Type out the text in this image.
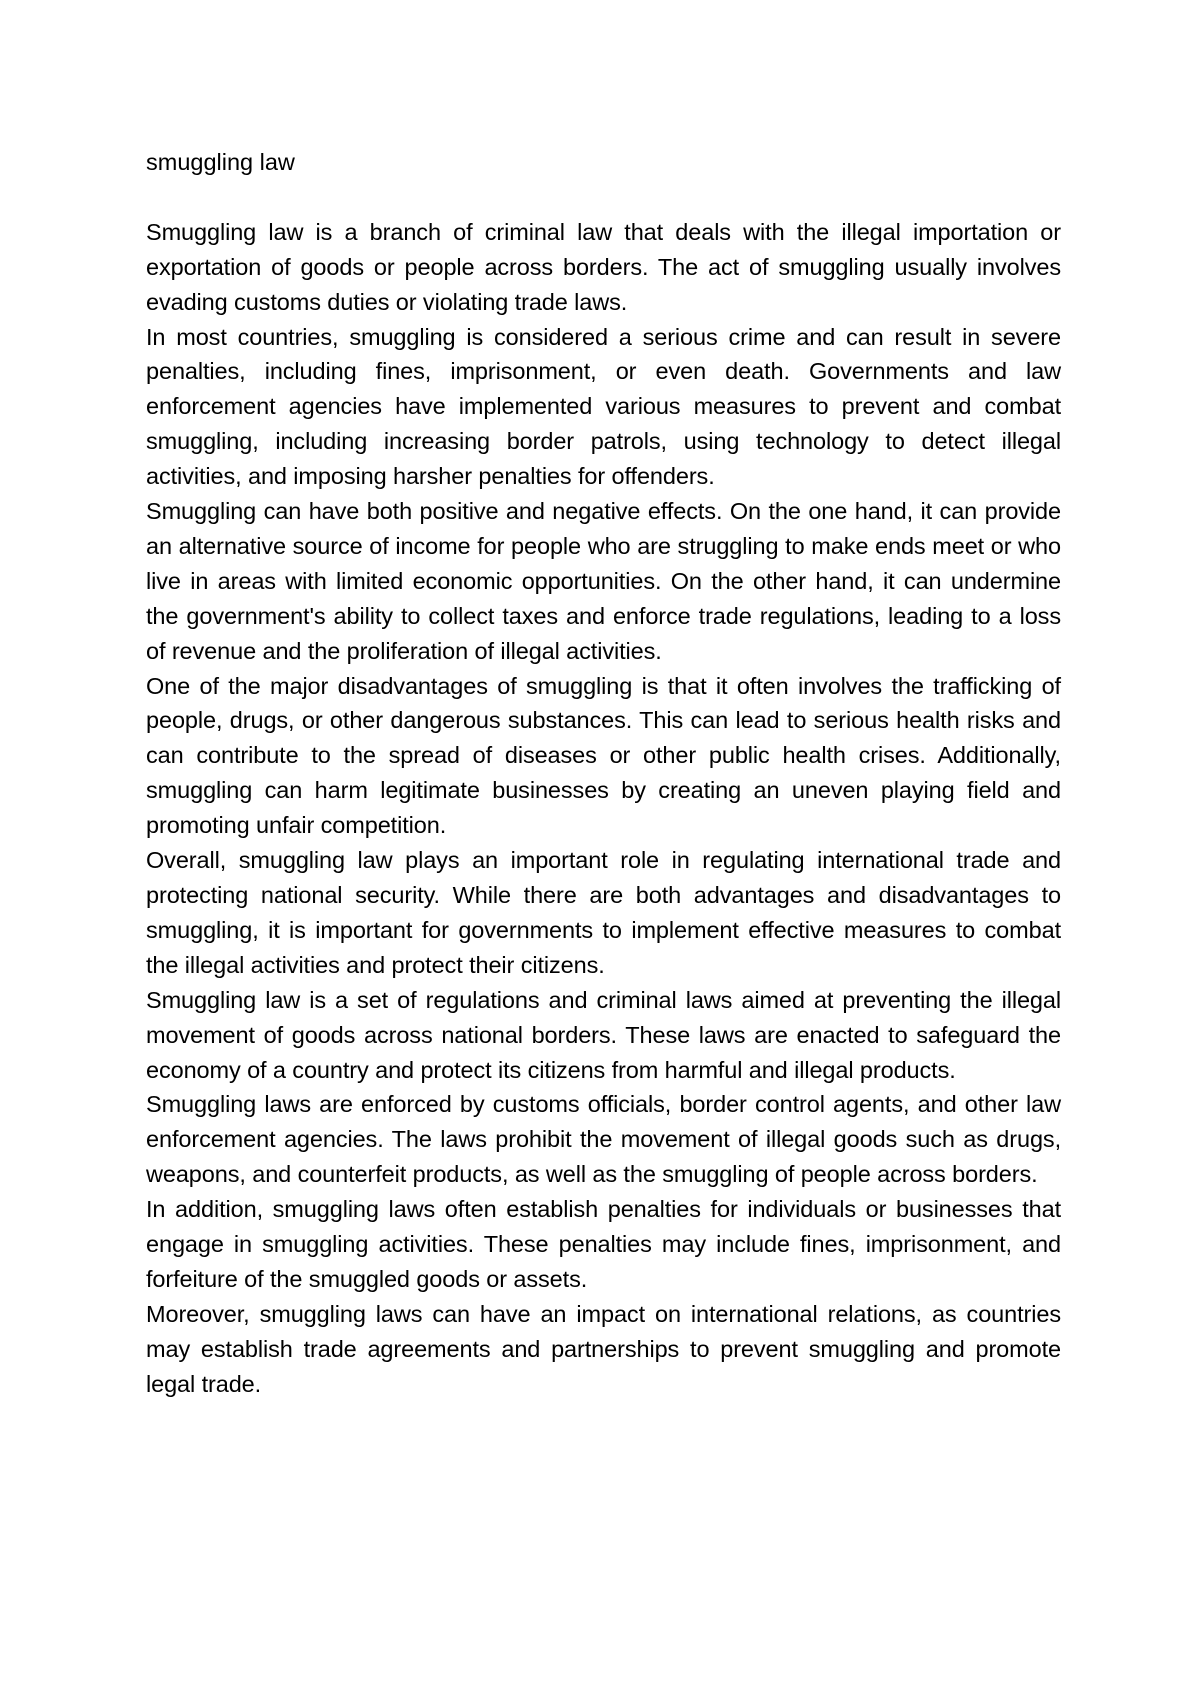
smuggling law

Smuggling law is a branch of criminal law that deals with the illegal importation or exportation of goods or people across borders. The act of smuggling usually involves evading customs duties or violating trade laws.

In most countries, smuggling is considered a serious crime and can result in severe penalties, including fines, imprisonment, or even death. Governments and law enforcement agencies have implemented various measures to prevent and combat smuggling, including increasing border patrols, using technology to detect illegal activities, and imposing harsher penalties for offenders.

Smuggling can have both positive and negative effects. On the one hand, it can provide an alternative source of income for people who are struggling to make ends meet or who live in areas with limited economic opportunities. On the other hand, it can undermine the government's ability to collect taxes and enforce trade regulations, leading to a loss of revenue and the proliferation of illegal activities.

One of the major disadvantages of smuggling is that it often involves the trafficking of people, drugs, or other dangerous substances. This can lead to serious health risks and can contribute to the spread of diseases or other public health crises. Additionally, smuggling can harm legitimate businesses by creating an uneven playing field and promoting unfair competition.

Overall, smuggling law plays an important role in regulating international trade and protecting national security. While there are both advantages and disadvantages to smuggling, it is important for governments to implement effective measures to combat the illegal activities and protect their citizens.

Smuggling law is a set of regulations and criminal laws aimed at preventing the illegal movement of goods across national borders. These laws are enacted to safeguard the economy of a country and protect its citizens from harmful and illegal products.

Smuggling laws are enforced by customs officials, border control agents, and other law enforcement agencies. The laws prohibit the movement of illegal goods such as drugs, weapons, and counterfeit products, as well as the smuggling of people across borders.

In addition, smuggling laws often establish penalties for individuals or businesses that engage in smuggling activities. These penalties may include fines, imprisonment, and forfeiture of the smuggled goods or assets.

Moreover, smuggling laws can have an impact on international relations, as countries may establish trade agreements and partnerships to prevent smuggling and promote legal trade.
